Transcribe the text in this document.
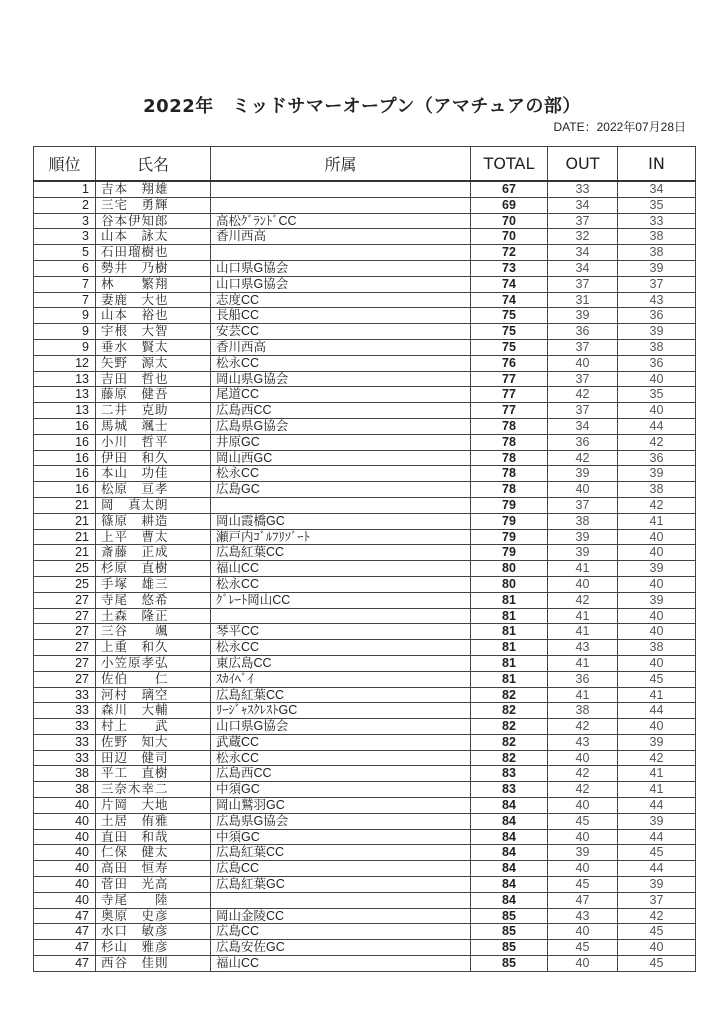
2022年　ミッドサマーオープン（アマチュアの部）
DATE：2022年07月28日
順位	氏名	所属	TOTAL	OUT	IN
1	吉本　翔雄		67	33	34
2	三宅　勇輝		69	34	35
3	谷本伊知郎	高松ｸﾞﾗﾝﾄﾞCC	70	37	33
3	山本　詠太	香川西高	70	32	38
5	石田瑠樹也		72	34	38
6	勢井　乃樹	山口県G協会	73	34	39
7	林　　繁翔	山口県G協会	74	37	37
7	妻鹿　大也	志度CC	74	31	43
9	山本　裕也	長船CC	75	39	36
9	宇根　大智	安芸CC	75	36	39
9	垂水　賢太	香川西高	75	37	38
12	矢野　源太	松永CC	76	40	36
13	吉田　哲也	岡山県G協会	77	37	40
13	藤原　健吾	尾道CC	77	42	35
13	二井　克助	広島西CC	77	37	40
16	馬城　颯士	広島県G協会	78	34	44
16	小川　哲平	井原GC	78	36	42
16	伊田　和久	岡山西GC	78	42	36
16	本山　功佳	松永CC	78	39	39
16	松原　亘孝	広島GC	78	40	38
21	岡　真太朗		79	37	42
21	篠原　耕造	岡山霞橋GC	79	38	41
21	上平　曹太	瀬戸内ｺﾞﾙﾌﾘｿﾞｰﾄ	79	39	40
21	斎藤　正成	広島紅葉CC	79	39	40
25	杉原　直樹	福山CC	80	41	39
25	手塚　雄三	松永CC	80	40	40
27	寺尾　悠希	ｸﾞﾚｰﾄ岡山CC	81	42	39
27	土森　隆正		81	41	40
27	三谷　　颯	琴平CC	81	41	40
27	上重　和久	松永CC	81	43	38
27	小笠原孝弘	東広島CC	81	41	40
27	佐伯　　仁	ｽｶｲﾍﾞｲ	81	36	45
33	河村　璃空	広島紅葉CC	82	41	41
33	森川　大輔	ﾘｰｼﾞｬｽｸﾚｽﾄGC	82	38	44
33	村上　　武	山口県G協会	82	42	40
33	佐野　知大	武蔵CC	82	43	39
33	田辺　健司	松永CC	82	40	42
38	平工　直樹	広島西CC	83	42	41
38	三奈木幸二	中須GC	83	42	41
40	片岡　大地	岡山鷲羽GC	84	40	44
40	土居　侑雅	広島県G協会	84	45	39
40	直田　和哉	中須GC	84	40	44
40	仁保　健太	広島紅葉CC	84	39	45
40	高田　恒寿	広島CC	84	40	44
40	菅田　光高	広島紅葉GC	84	45	39
40	寺尾　　陸		84	47	37
47	奥原　史彦	岡山金陵CC	85	43	42
47	水口　敏彦	広島CC	85	40	45
47	杉山　雅彦	広島安佐GC	85	45	40
47	西谷　佳則	福山CC	85	40	45
